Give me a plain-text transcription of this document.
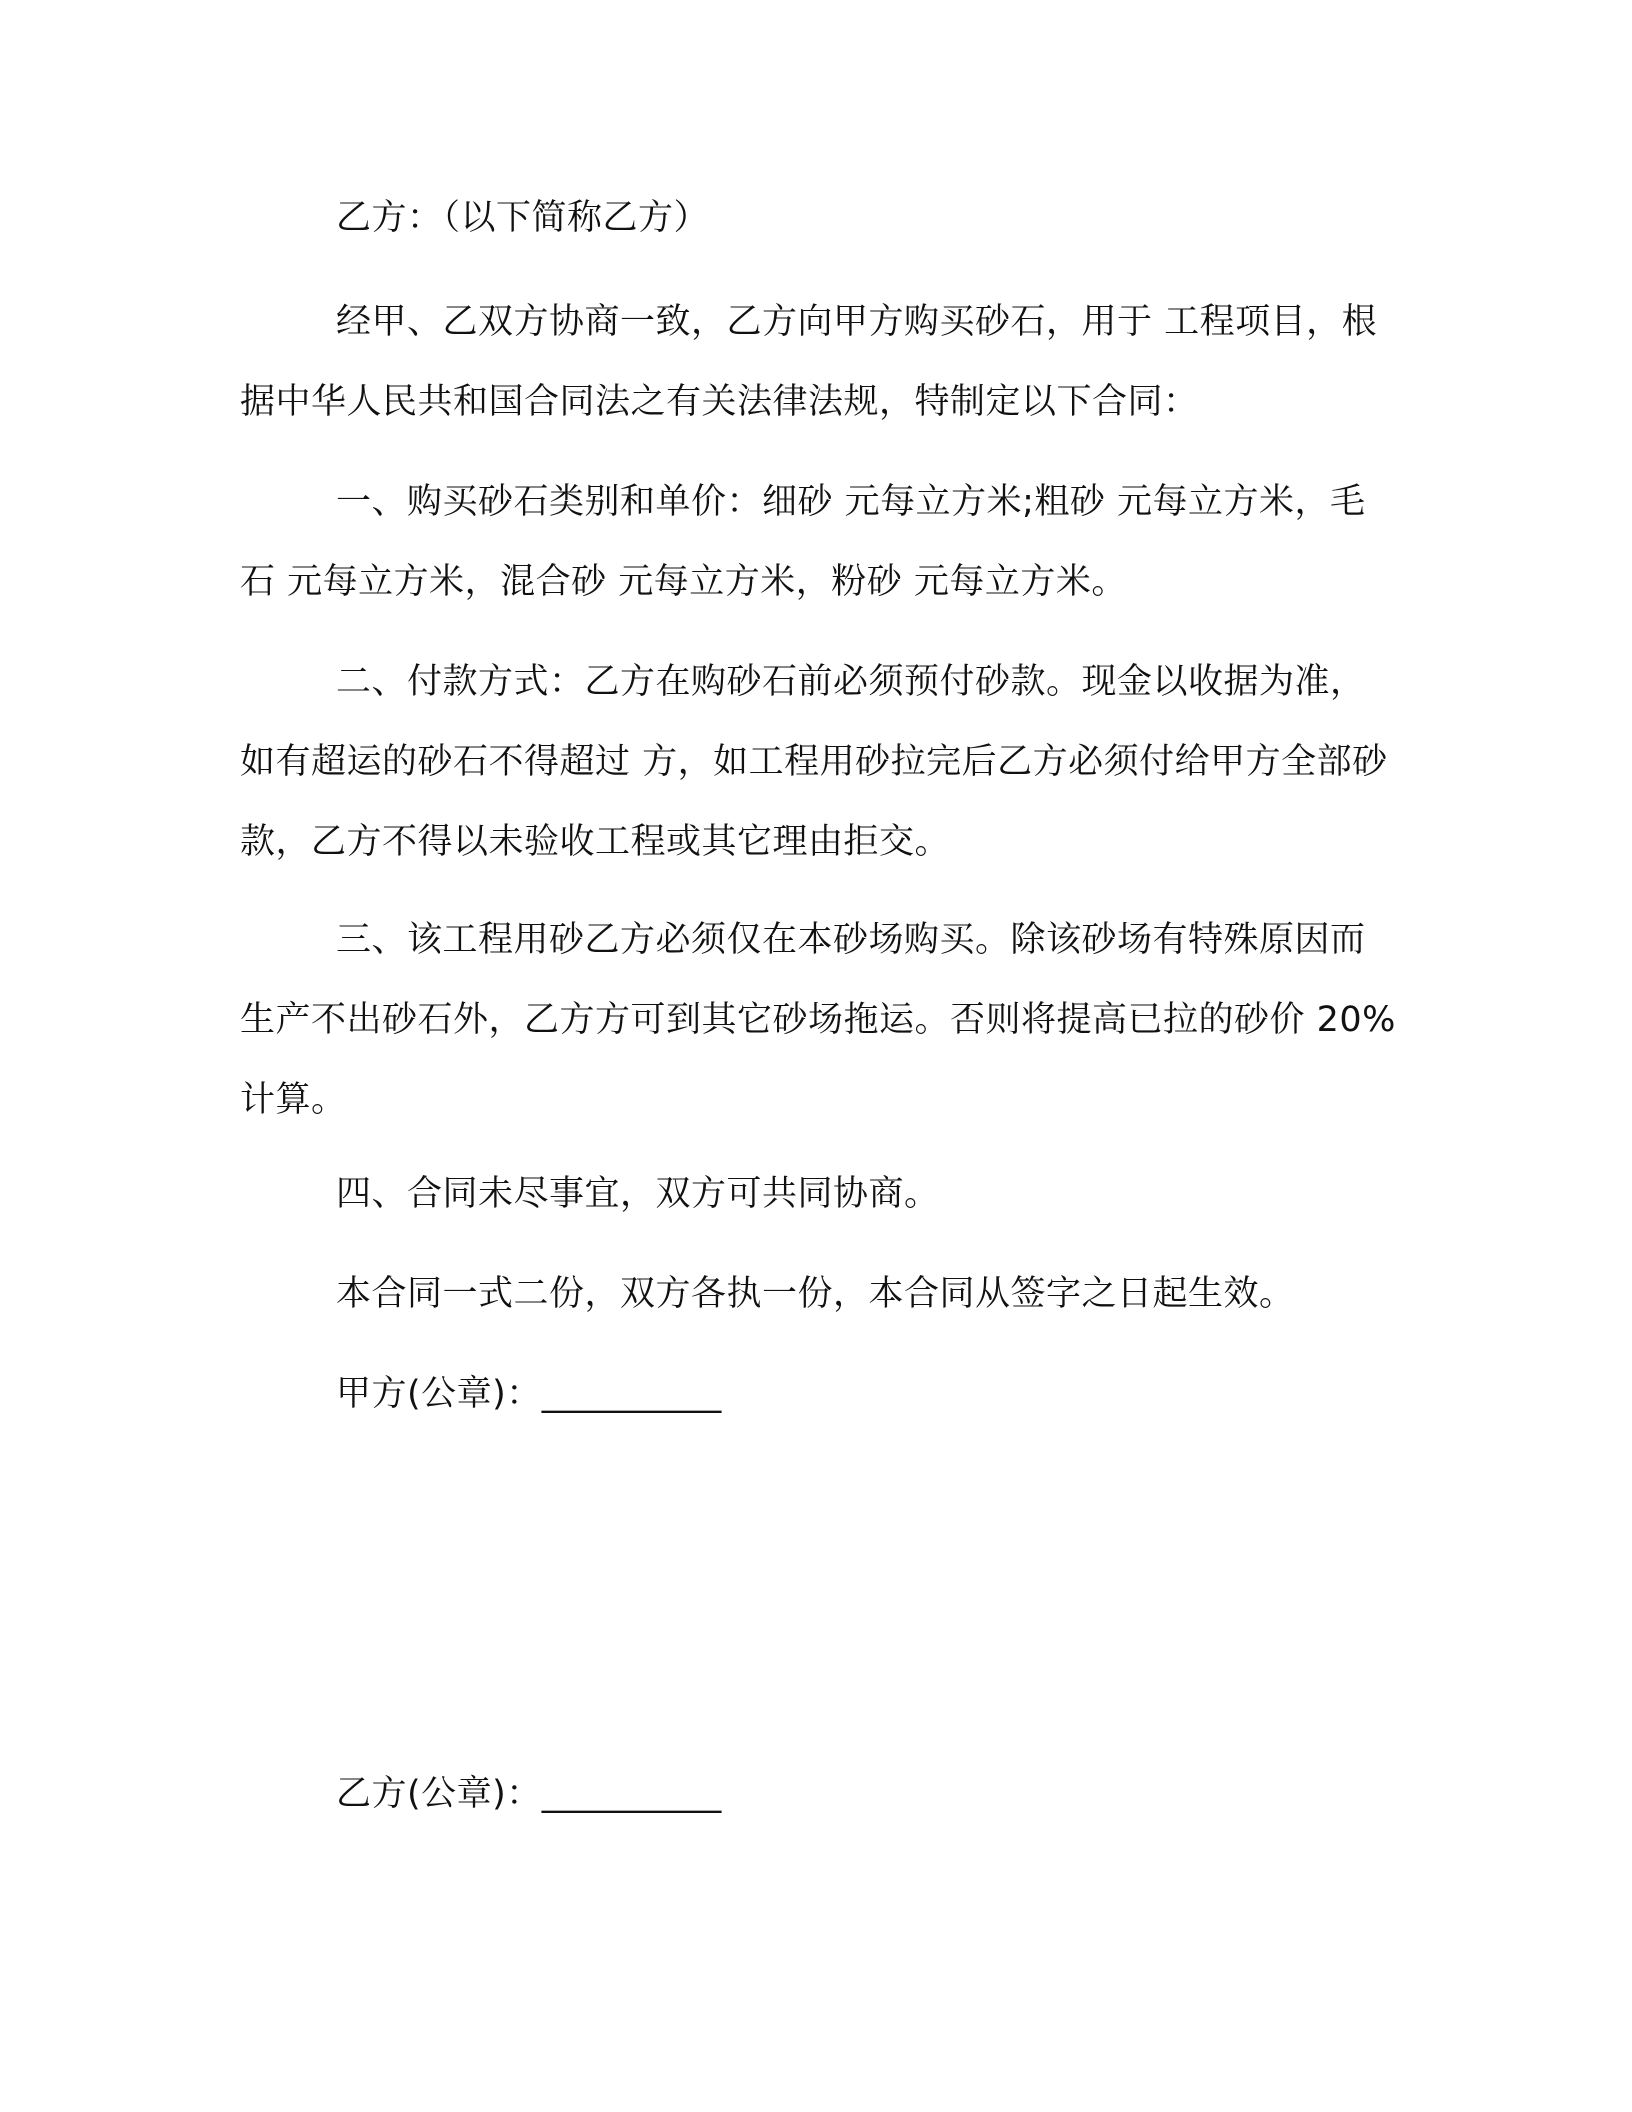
乙方：（以下简称乙方）

经甲、乙双方协商一致，乙方向甲方购买砂石，用于 工程项目，根据中华人民共和国合同法之有关法律法规，特制定以下合同：

一、购买砂石类别和单价：细砂 元每立方米;粗砂 元每立方米，毛石 元每立方米，混合砂 元每立方米，粉砂 元每立方米。

二、付款方式：乙方在购砂石前必须预付砂款。现金以收据为准，如有超运的砂石不得超过 方，如工程用砂拉完后乙方必须付给甲方全部砂款，乙方不得以未验收工程或其它理由拒交。

三、该工程用砂乙方必须仅在本砂场购买。除该砂场有特殊原因而生产不出砂石外，乙方方可到其它砂场拖运。否则将提高已拉的砂价 20%计算。

四、合同未尽事宜，双方可共同协商。

本合同一式二份，双方各执一份，本合同从签字之日起生效。

甲方(公章)：__________

乙方(公章)：__________
